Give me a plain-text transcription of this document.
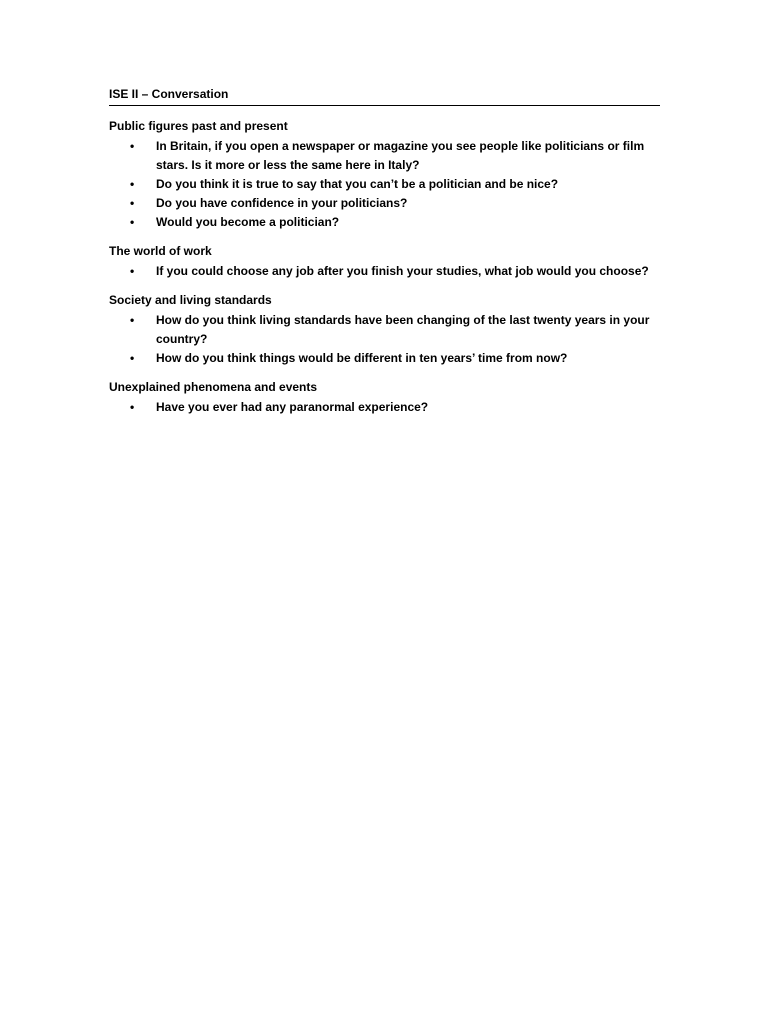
ISE II – Conversation
Public figures past and present
• In Britain, if you open a newspaper or magazine you see people like politicians or film stars. Is it more or less the same here in Italy?
• Do you think it is true to say that you can’t be a politician and be nice?
• Do you have confidence in your politicians?
• Would you become a politician?
The world of work
• If you could choose any job after you finish your studies, what job would you choose?
Society and living standards
• How do you think living standards have been changing of the last twenty years in your country?
• How do you think things would be different in ten years’ time from now?
Unexplained phenomena and events
• Have you ever had any paranormal experience?
